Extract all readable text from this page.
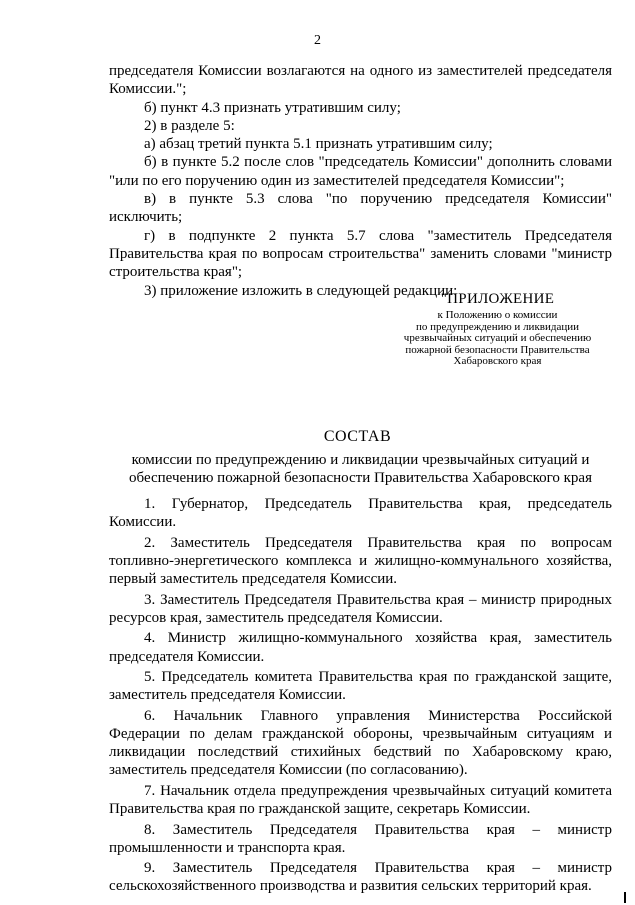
2

председателя Комиссии возлагаются на одного из заместителей председателя Комиссии.";

б) пункт 4.3 признать утратившим силу;

2) в разделе 5:

а) абзац третий пункта 5.1 признать утратившим силу;

б) в пункте 5.2 после слов "председатель Комиссии" дополнить словами "или по его поручению один из заместителей председателя Комиссии";

в) в пункте 5.3 слова "по поручению председателя Комиссии" исключить;

г) в подпункте 2 пункта 5.7 слова "заместитель Председателя Правительства края по вопросам строительства" заменить словами "министр строительства края";

3) приложение изложить в следующей редакции:

"ПРИЛОЖЕНИЕ
к Положению о комиссии
по предупреждению и ликвидации
чрезвычайных ситуаций и обеспечению
пожарной безопасности Правительства
Хабаровского края
СОСТАВ
комиссии по предупреждению и ликвидации чрезвычайных ситуаций и обеспечению пожарной безопасности Правительства Хабаровского края
1. Губернатор, Председатель Правительства края, председатель Комиссии.
2. Заместитель Председателя Правительства края по вопросам топливно-энергетического комплекса и жилищно-коммунального хозяйства, первый заместитель председателя Комиссии.
3. Заместитель Председателя Правительства края – министр природных ресурсов края, заместитель председателя Комиссии.
4. Министр жилищно-коммунального хозяйства края, заместитель председателя Комиссии.
5. Председатель комитета Правительства края по гражданской защите, заместитель председателя Комиссии.
6. Начальник Главного управления Министерства Российской Федерации по делам гражданской обороны, чрезвычайным ситуациям и ликвидации последствий стихийных бедствий по Хабаровскому краю, заместитель председателя Комиссии (по согласованию).
7. Начальник отдела предупреждения чрезвычайных ситуаций комитета Правительства края по гражданской защите, секретарь Комиссии.
8. Заместитель Председателя Правительства края – министр промышленности и транспорта края.
9. Заместитель Председателя Правительства края – министр сельскохозяйственного производства и развития сельских территорий края.
